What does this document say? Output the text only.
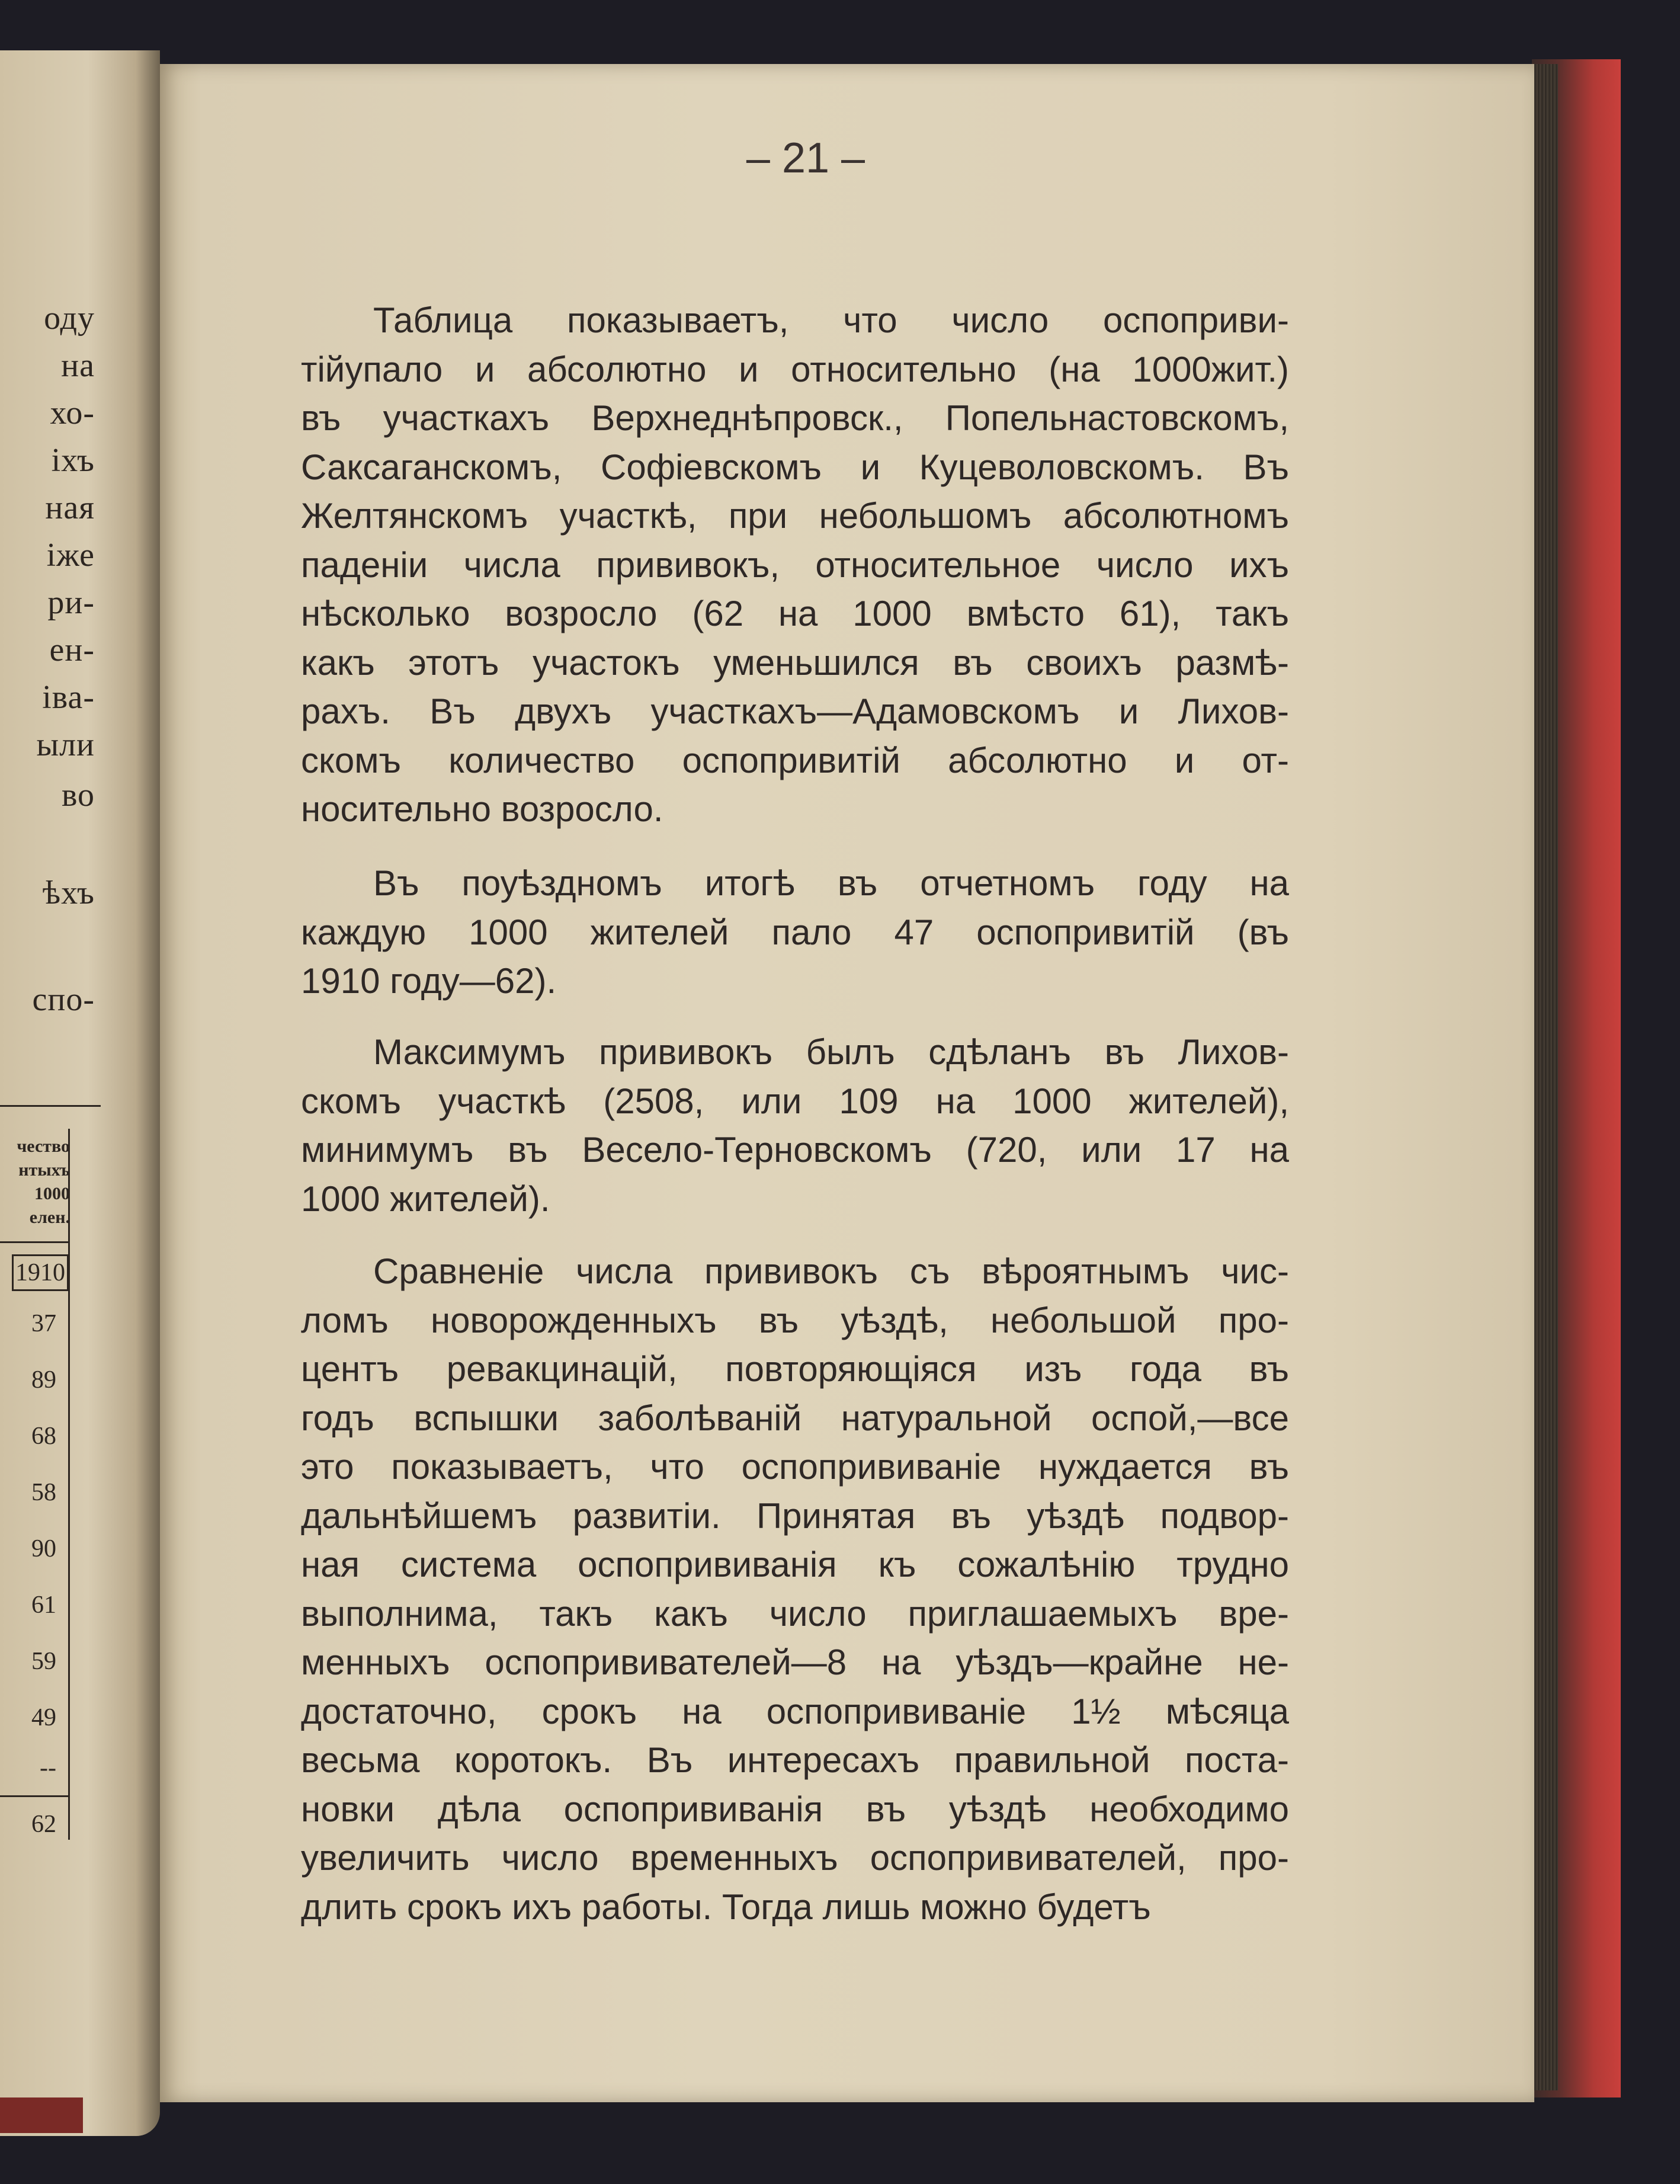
оду
на
хо-
іхъ
ная
іже
ри-
ен-
іва-
ыли
во
ѣхъ
спо-
чество
нтыхъ
1000
елен.
1910
37
89
68
58
90
61
59
49
--
62
– 21 –
Таблица показываетъ, что число оспоприви-
тійупало и абсолютно и относительно (на 1000жит.)
въ участкахъ Верхнеднѣпровск., Попельнастовскомъ,
Саксаганскомъ, Софіевскомъ и Куцеволовскомъ. Въ
Желтянскомъ участкѣ, при небольшомъ абсолютномъ
паденіи числа прививокъ, относительное число ихъ
нѣсколько возросло (62 на 1000 вмѣсто 61), такъ
какъ этотъ участокъ уменьшился въ своихъ размѣ-
рахъ. Въ двухъ участкахъ—Адамовскомъ и Лихов-
скомъ количество оспопривитій абсолютно и от-
носительно возросло.
Въ поуѣздномъ итогѣ въ отчетномъ году на
каждую 1000 жителей пало 47 оспопривитій (въ
1910 году—62).
Максимумъ прививокъ былъ сдѣланъ въ Лихов-
скомъ участкѣ (2508, или 109 на 1000 жителей),
минимумъ въ Весело-Терновскомъ (720, или 17 на
1000 жителей).
Сравненіе числа прививокъ съ вѣроятнымъ чис-
ломъ новорожденныхъ въ уѣздѣ, небольшой про-
центъ ревакцинацій, повторяющіяся изъ года въ
годъ вспышки заболѣваній натуральной оспой,—все
это показываетъ, что оспопрививаніе нуждается въ
дальнѣйшемъ развитіи. Принятая въ уѣздѣ подвор-
ная система оспопрививанія къ сожалѣнію трудно
выполнима, такъ какъ число приглашаемыхъ вре-
менныхъ оспопрививателей—8 на уѣздъ—крайне не-
достаточно, срокъ на оспопрививаніе 1½ мѣсяца
весьма коротокъ. Въ интересахъ правильной поста-
новки дѣла оспопрививанія въ уѣздѣ необходимо
увеличить число временныхъ оспопрививателей, про-
длить срокъ ихъ работы. Тогда лишь можно будетъ
